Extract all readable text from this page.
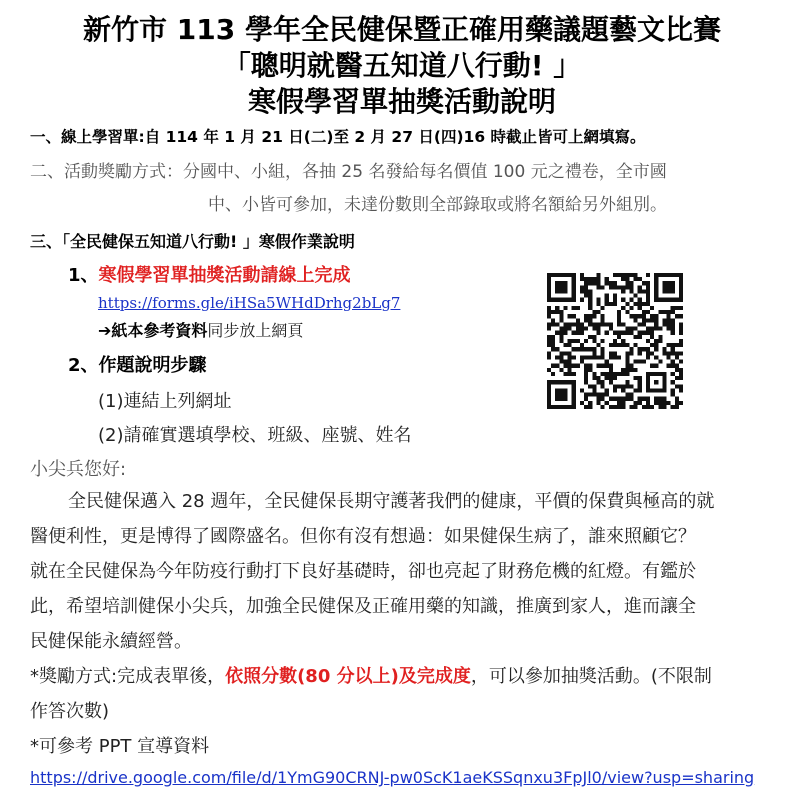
新竹市 113 學年全民健保暨正確用藥議題藝文比賽
「聰明就醫五知道八行動! 」
寒假學習單抽獎活動說明
一、線上學習單:自 114 年 1 月 21 日(二)至 2 月 27 日(四)16 時截止皆可上網填寫。
二、活動獎勵方式：分國中、小組，各抽 25 名發給每名價值 100 元之禮卷，全市國
中、小皆可參加，未達份數則全部錄取或將名額給另外組別。
三、「全民健保五知道八行動! 」寒假作業說明
1、寒假學習單抽獎活動請線上完成
https://forms.gle/iHSa5WHdDrhg2bLg7
➔紙本參考資料同步放上網頁
2、作題說明步驟
(1)連結上列網址
(2)請確實選填學校、班級、座號、姓名
小尖兵您好:
全民健保邁入 28 週年，全民健保長期守護著我們的健康，平價的保費與極高的就
醫便利性，更是博得了國際盛名。但你有沒有想過：如果健保生病了，誰來照顧它？
就在全民健保為今年防疫行動打下良好基礎時，卻也亮起了財務危機的紅燈。有鑑於
此，希望培訓健保小尖兵，加強全民健保及正確用藥的知識，推廣到家人，進而讓全
民健保能永續經營。
*獎勵方式:完成表單後，依照分數(80 分以上)及完成度，可以參加抽獎活動。(不限制
作答次數)
*可參考 PPT 宣導資料
https://drive.google.com/file/d/1YmG90CRNJ-pw0ScK1aeKSSqnxu3FpJl0/view?usp=sharing
